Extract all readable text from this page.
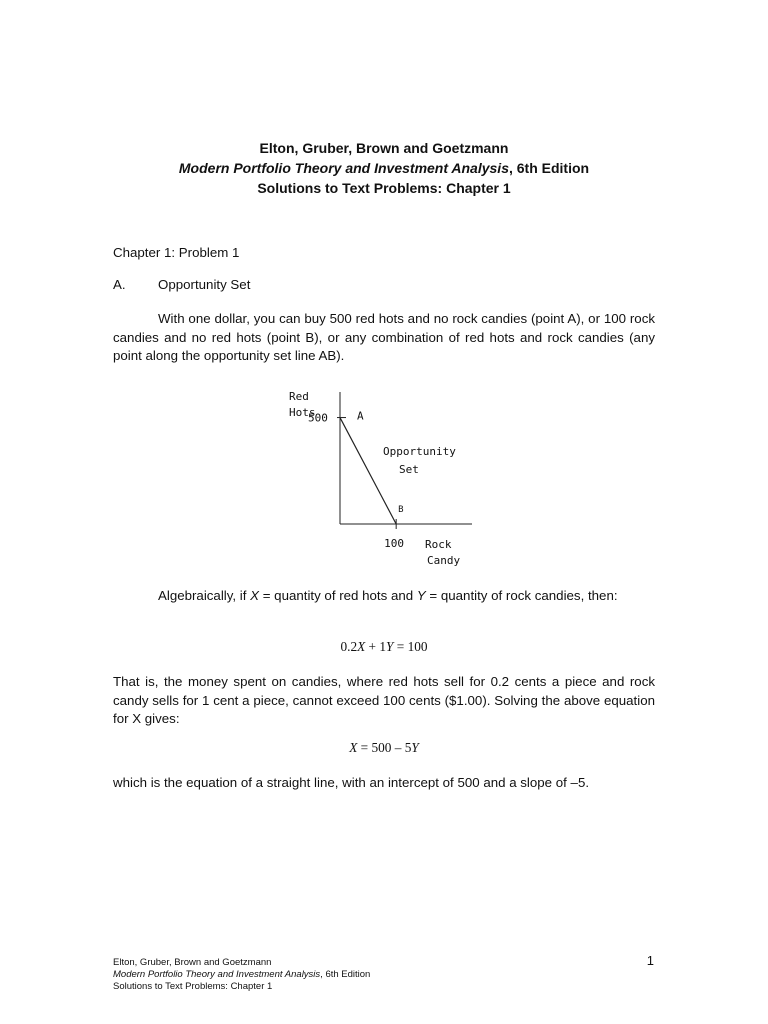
Elton, Gruber, Brown and Goetzmann
Modern Portfolio Theory and Investment Analysis, 6th Edition
Solutions to Text Problems: Chapter 1
Chapter 1: Problem 1
A. Opportunity Set
With one dollar, you can buy 500 red hots and no rock candies (point A), or 100 rock candies and no red hots (point B), or any combination of red hots and rock candies (any point along the opportunity set line AB).
Red
Hots
500	A
Opportunity
Set
B
100 Rock
Candy
Algebraically, if X = quantity of red hots and Y = quantity of rock candies, then:
0.2X + 1Y = 100
That is, the money spent on candies, where red hots sell for 0.2 cents a piece and rock candy sells for 1 cent a piece, cannot exceed 100 cents ($1.00). Solving the above equation for X gives:
X = 500 – 5Y
which is the equation of a straight line, with an intercept of 500 and a slope of –5.
Elton, Gruber, Brown and Goetzmann
Modern Portfolio Theory and Investment Analysis, 6th Edition
Solutions to Text Problems: Chapter 1
1
